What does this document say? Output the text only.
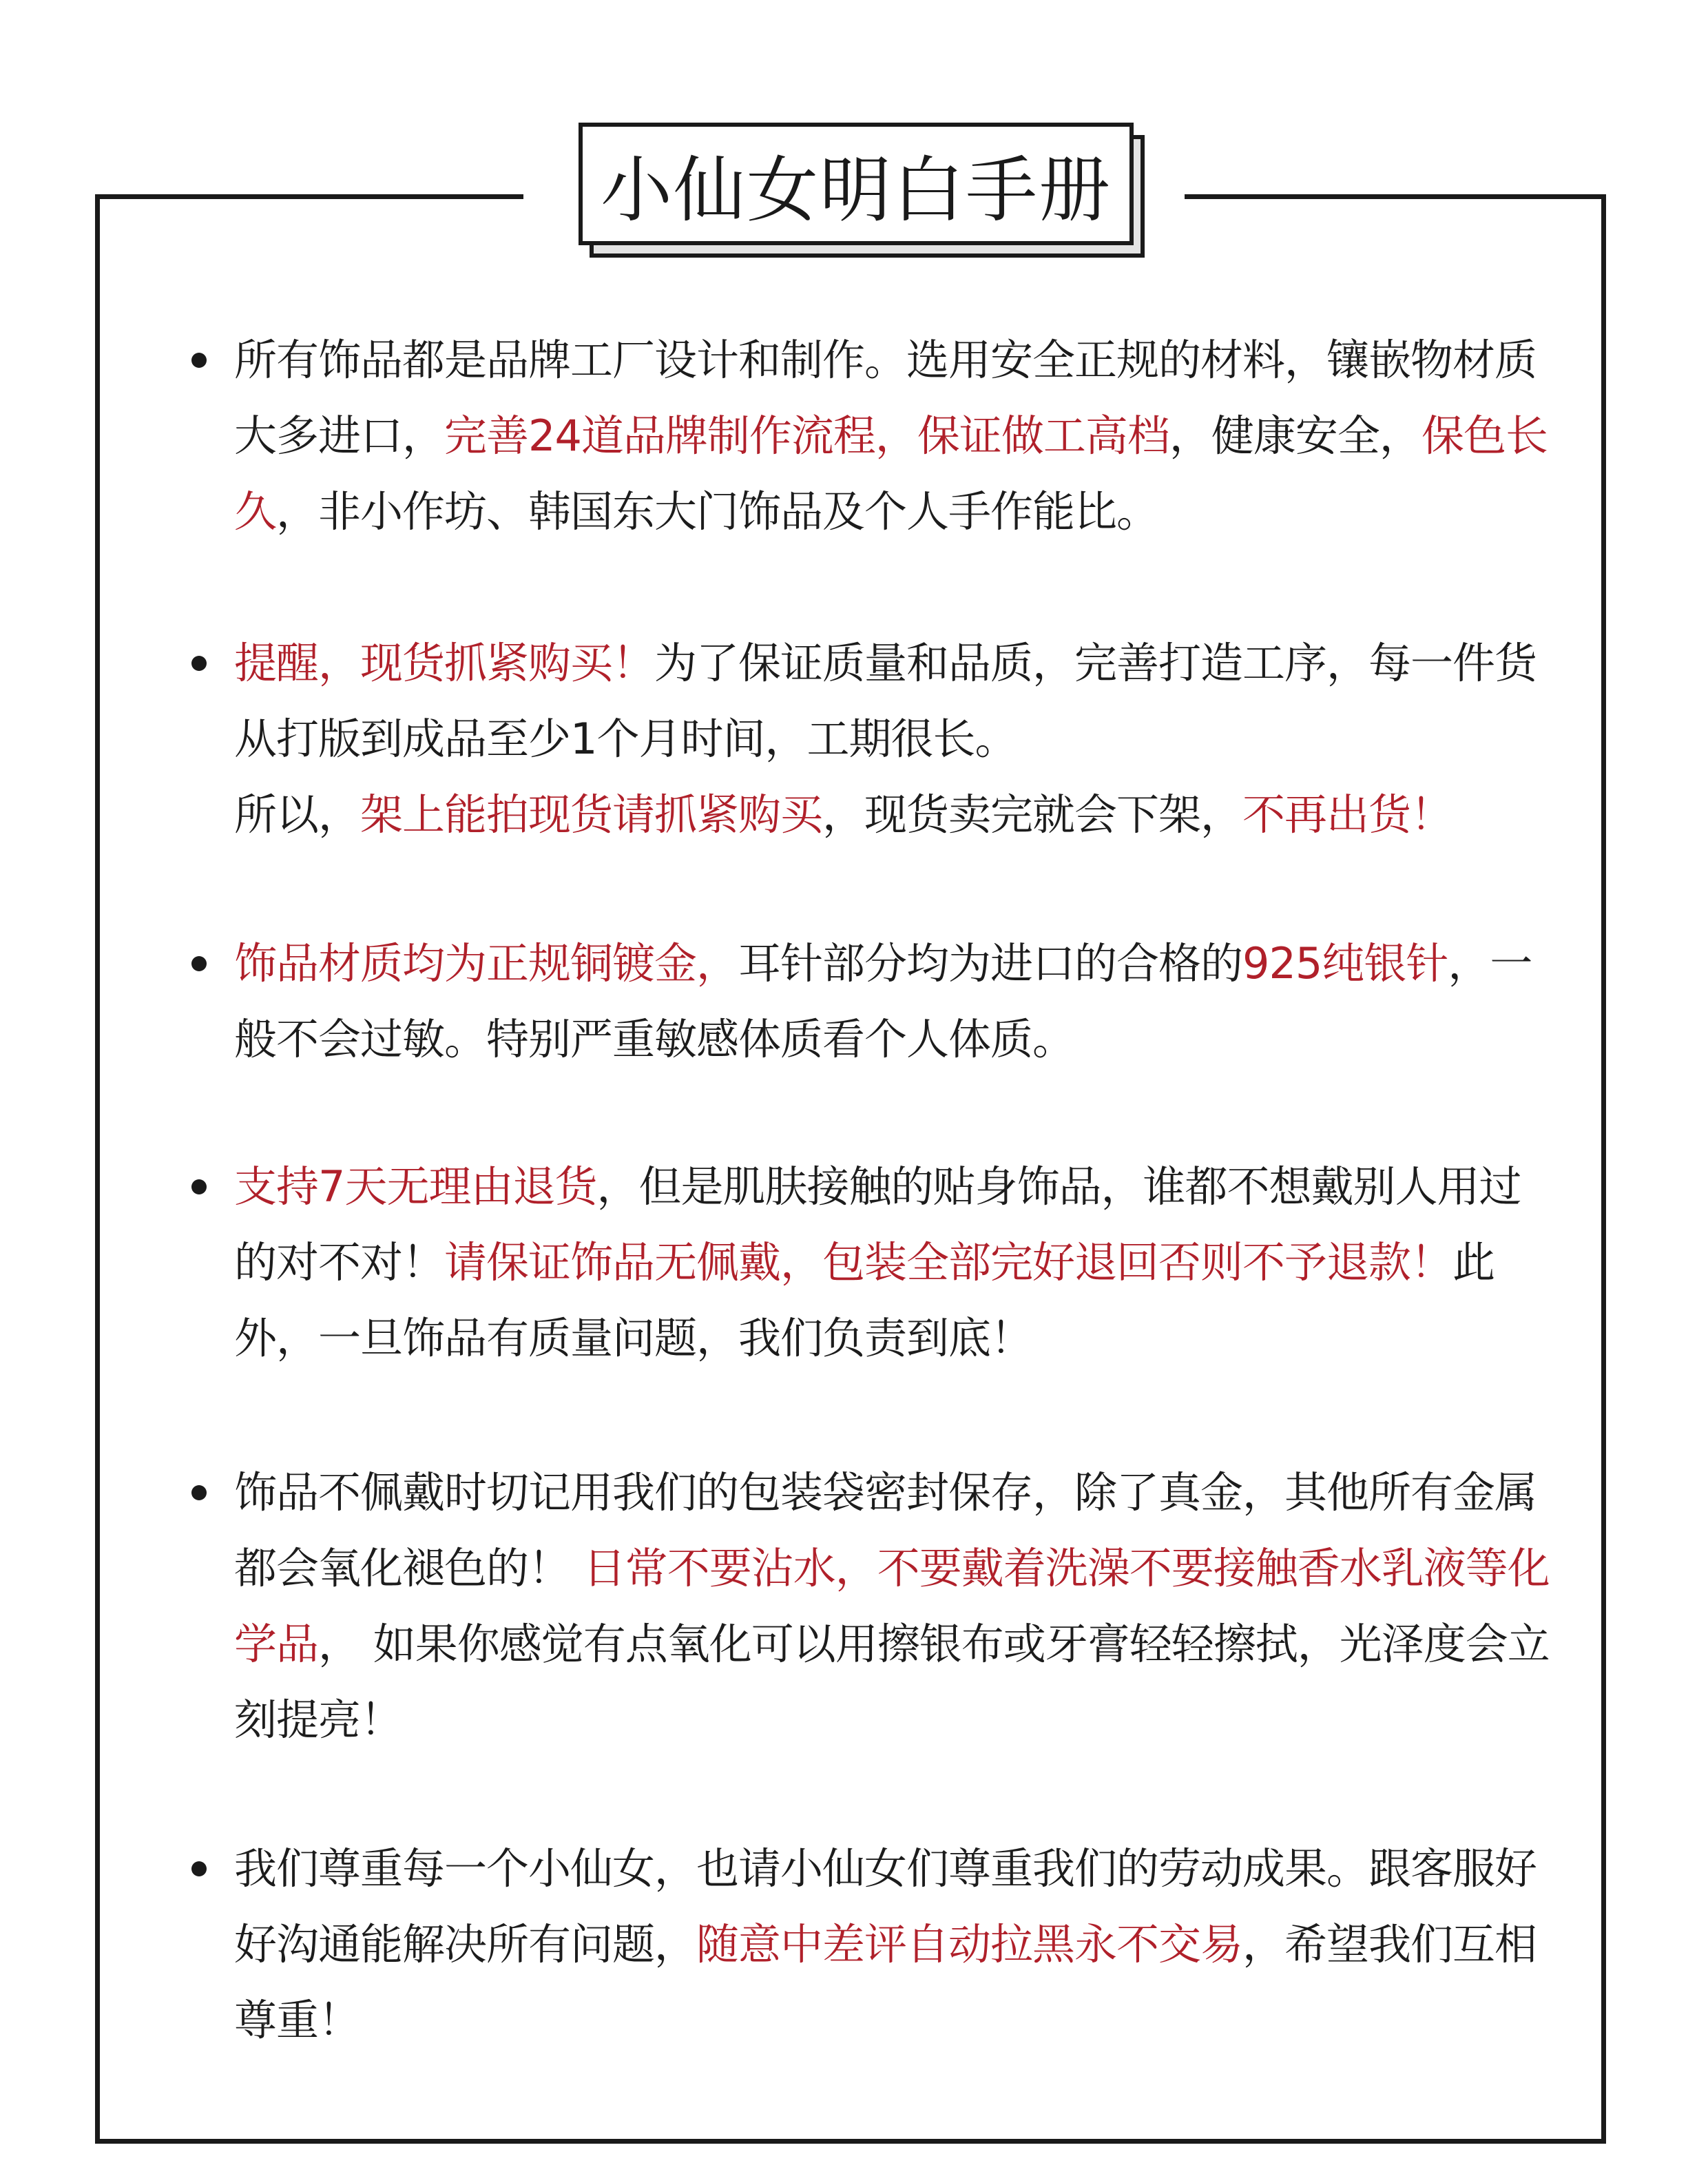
小仙女明白手册
所有饰品都是品牌工厂设计和制作。选用安全正规的材料，镶嵌物材质大多进口，完善24道品牌制作流程，保证做工高档，健康安全，保色长久，非小作坊、韩国东大门饰品及个人手作能比。
提醒，现货抓紧购买！为了保证质量和品质，完善打造工序，每一件货从打版到成品至少1个月时间，工期很长。
所以，架上能拍现货请抓紧购买，现货卖完就会下架，不再出货！
饰品材质均为正规铜镀金，耳针部分均为进口的合格的925纯银针，一般不会过敏。特别严重敏感体质看个人体质。
支持7天无理由退货，但是肌肤接触的贴身饰品，谁都不想戴别人用过的对不对！请保证饰品无佩戴，包装全部完好退回否则不予退款！此外，一旦饰品有质量问题，我们负责到底！
饰品不佩戴时切记用我们的包装袋密封保存，除了真金，其他所有金属都会氧化褪色的！ 日常不要沾水，不要戴着洗澡不要接触香水乳液等化学品， 如果你感觉有点氧化可以用擦银布或牙膏轻轻擦拭，光泽度会立刻提亮！
我们尊重每一个小仙女，也请小仙女们尊重我们的劳动成果。跟客服好好沟通能解决所有问题，随意中差评自动拉黑永不交易，希望我们互相尊重！
